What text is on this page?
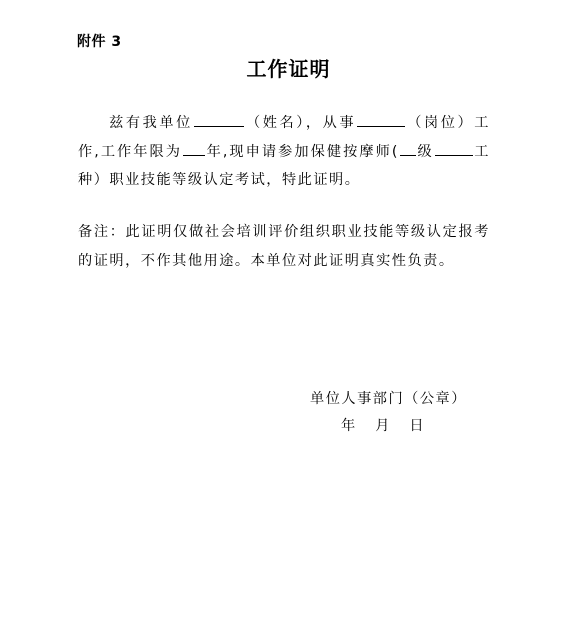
附件 3
工作证明
兹有我单位	（姓名），从事	（岗位）工作,工作年限为 年,现申请参加保健按摩师( 级	工种）职业技能等级认定考试，特此证明。
备注：此证明仅做社会培训评价组织职业技能等级认定报考的证明，不作其他用途。本单位对此证明真实性负责。
单位人事部门（公章）
年 月 日
